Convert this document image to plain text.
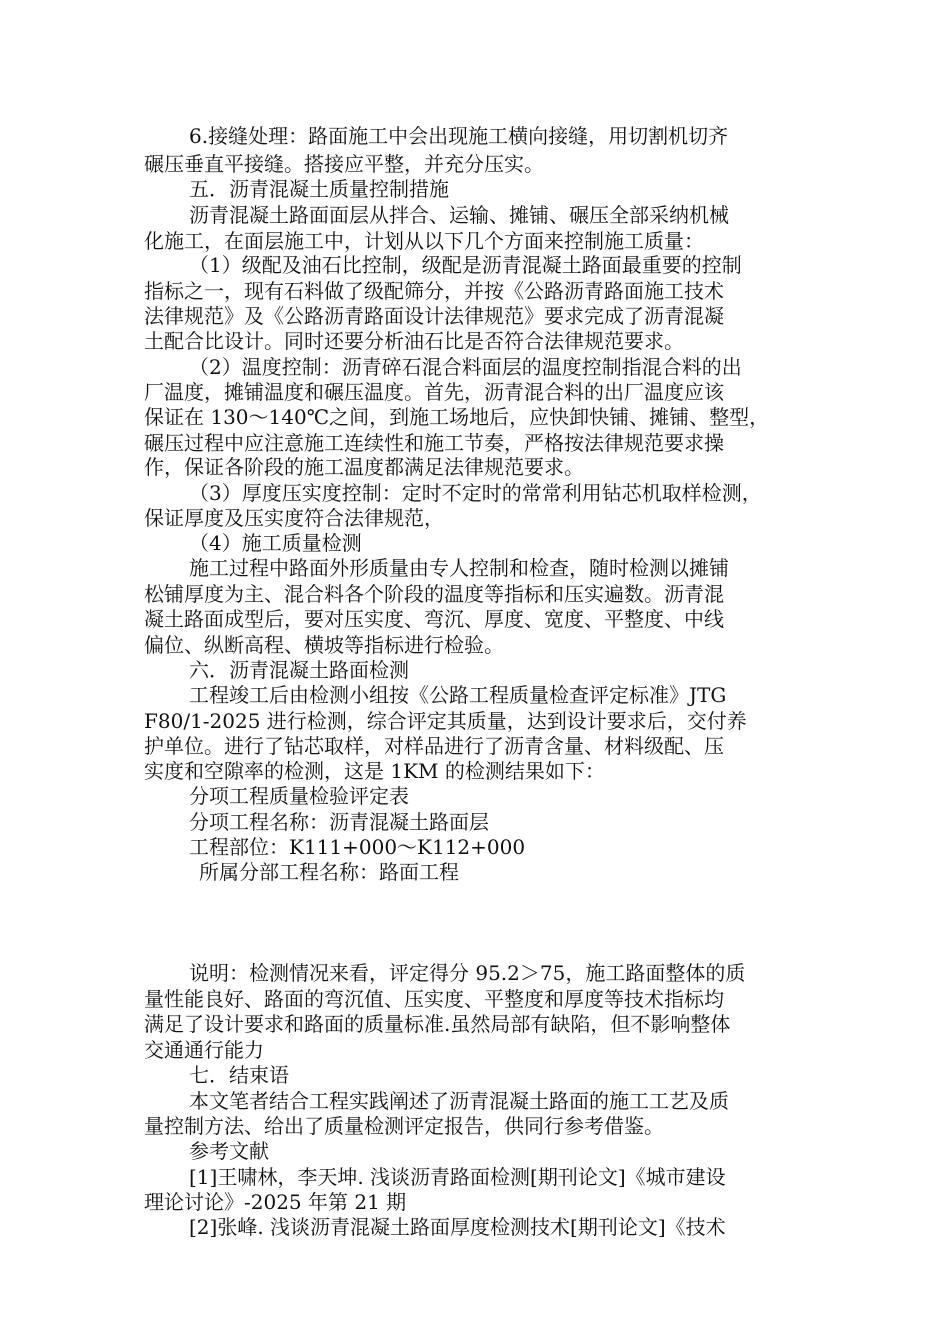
6.接缝处理：路面施工中会出现施工横向接缝，用切割机切齐
碾压垂直平接缝。搭接应平整，并充分压实。
五．沥青混凝土质量控制措施
沥青混凝土路面面层从拌合、运输、摊铺、碾压全部采纳机械
化施工，在面层施工中，计划从以下几个方面来控制施工质量：
（1）级配及油石比控制，级配是沥青混凝土路面最重要的控制
指标之一，现有石料做了级配筛分，并按《公路沥青路面施工技术
法律规范》及《公路沥青路面设计法律规范》要求完成了沥青混凝
土配合比设计。同时还要分析油石比是否符合法律规范要求。
（2）温度控制：沥青碎石混合料面层的温度控制指混合料的出
厂温度，摊铺温度和碾压温度。首先，沥青混合料的出厂温度应该
保证在 130～140℃之间，到施工场地后，应快卸快铺、摊铺、整型，
碾压过程中应注意施工连续性和施工节奏，严格按法律规范要求操
作，保证各阶段的施工温度都满足法律规范要求。
（3）厚度压实度控制：定时不定时的常常利用钻芯机取样检测，
保证厚度及压实度符合法律规范，
（4）施工质量检测
施工过程中路面外形质量由专人控制和检查，随时检测以摊铺
松铺厚度为主、混合料各个阶段的温度等指标和压实遍数。沥青混
凝土路面成型后，要对压实度、弯沉、厚度、宽度、平整度、中线
偏位、纵断高程、横坡等指标进行检验。
六．沥青混凝土路面检测
工程竣工后由检测小组按《公路工程质量检查评定标准》JTG
F80/1-2025 进行检测，综合评定其质量，达到设计要求后，交付养
护单位。进行了钻芯取样，对样品进行了沥青含量、材料级配、压
实度和空隙率的检测，这是 1KM 的检测结果如下：
分项工程质量检验评定表
分项工程名称：沥青混凝土路面层
工程部位：K111+000～K112+000
所属分部工程名称：路面工程
说明：检测情况来看，评定得分 95.2＞75，施工路面整体的质
量性能良好、路面的弯沉值、压实度、平整度和厚度等技术指标均
满足了设计要求和路面的质量标准.虽然局部有缺陷，但不影响整体
交通通行能力
七．结束语
本文笔者结合工程实践阐述了沥青混凝土路面的施工工艺及质
量控制方法、给出了质量检测评定报告，供同行参考借鉴。
参考文献
[1]王啸林，李天坤. 浅谈沥青路面检测[期刊论文]《城市建设
理论讨论》-2025 年第 21 期
[2]张峰. 浅谈沥青混凝土路面厚度检测技术[期刊论文]《技术
